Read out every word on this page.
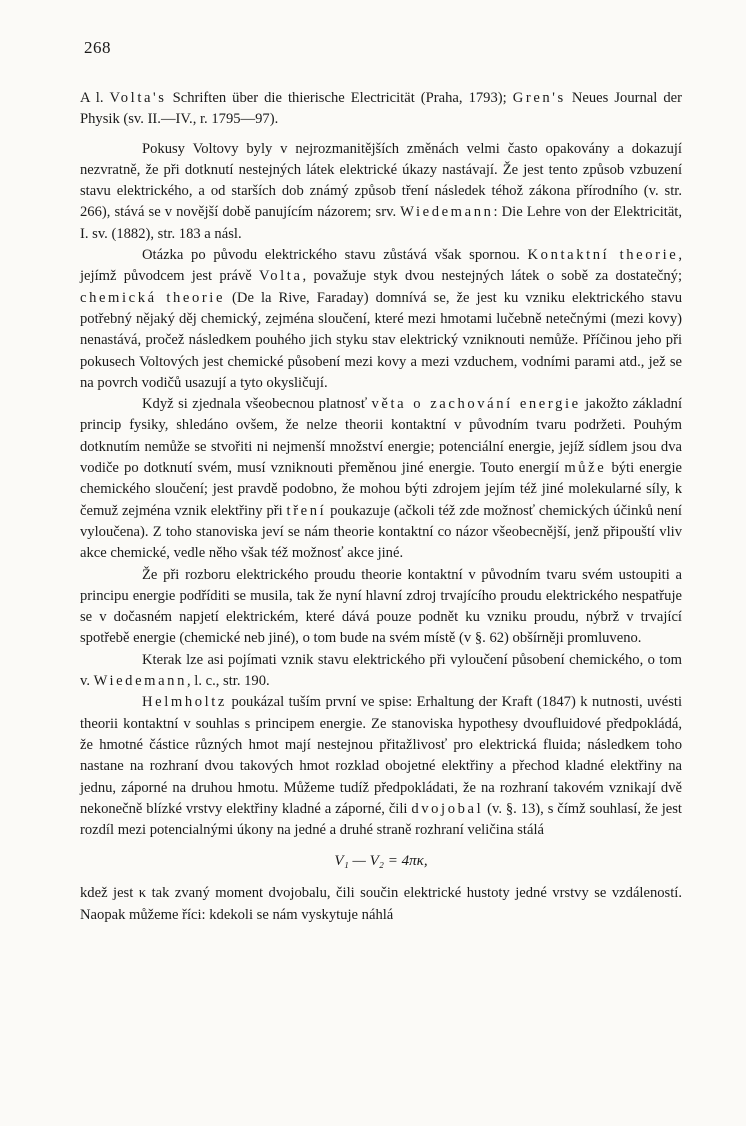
268

A l. Volta's Schriften über die thierische Electricität (Praha, 1793); Gren's Neues Journal der Physik (sv. II.—IV., r. 1795—97).

Pokusy Voltovy byly v nejrozmanitějších změnách velmi často opakovány a dokazují nezvratně, že při dotknutí nestejných látek elektrické úkazy nastávají. Že jest tento způsob vzbuzení stavu elektrického, a od starších dob známý způsob tření následek téhož zákona přírodního (v. str. 266), stává se v novější době panujícím názorem; srv. Wiedemann: Die Lehre von der Elektricität, I. sv. (1882), str. 183 a násl.

Otázka po původu elektrického stavu zůstává však spornou. Kontaktní theorie, jejímž původcem jest právě Volta, považuje styk dvou nestejných látek o sobě za dostatečný; chemická theorie (De la Rive, Faraday) domnívá se, že jest ku vzniku elektrického stavu potřebný nějaký děj chemický, zejména sloučení, které mezi hmotami lučebně netečnými (mezi kovy) nenastává, pročež následkem pouhého jich styku stav elektrický vzniknouti nemůže. Příčinou jeho při pokusech Voltových jest chemické působení mezi kovy a mezi vzduchem, vodními parami atd., jež se na povrch vodičů usazují a tyto okysličují.

Když si zjednala všeobecnou platnosť věta o zachování energie jakožto základní princip fysiky, shledáno ovšem, že nelze theorii kontaktní v původním tvaru podržeti. Pouhým dotknutím nemůže se stvořiti ni nejmenší množství energie; potenciální energie, jejíž sídlem jsou dva vodiče po dotknutí svém, musí vzniknouti přeměnou jiné energie. Touto energií může býti energie chemického sloučení; jest pravdě podobno, že mohou býti zdrojem jejím též jiné molekularné síly, k čemuž zejména vznik elektřiny při tření poukazuje (ačkoli též zde možnosť chemických účinků není vyloučena). Z toho stanoviska jeví se nám theorie kontaktní co názor všeobecnější, jenž připouští vliv akce chemické, vedle něho však též možnosť akce jiné.

Že při rozboru elektrického proudu theorie kontaktní v původním tvaru svém ustoupiti a principu energie podříditi se musila, tak že nyní hlavní zdroj trvajícího proudu elektrického nespatřuje se v dočasném napjetí elektrickém, které dává pouze podnět ku vzniku proudu, nýbrž v trvající spotřebě energie (chemické neb jiné), o tom bude na svém místě (v §. 62) obšírněji promluveno.

Kterak lze asi pojímati vznik stavu elektrického při vyloučení působení chemického, o tom v. Wiedemann, l. c., str. 190.

Helmholtz poukázal tuším první ve spise: Erhaltung der Kraft (1847) k nutnosti, uvésti theorii kontaktní v souhlas s principem energie. Ze stanoviska hypothesy dvoufluidové předpokládá, že hmotné částice různých hmot mají nestejnou přitažlivosť pro elektrická fluida; následkem toho nastane na rozhraní dvou takových hmot rozklad obojetné elektřiny a přechod kladné elektřiny na jednu, záporné na druhou hmotu. Můžeme tudíž předpokládati, že na rozhraní takovém vznikají dvě nekonečně blízké vrstvy elektřiny kladné a záporné, čili dvojobal (v. §. 13), s čímž souhlasí, že jest rozdíl mezi potencialnými úkony na jedné a druhé straně rozhraní veličina stálá

V₁ — V₂ = 4πκ,

kdež jest κ tak zvaný moment dvojobalu, čili součin elektrické hustoty jedné vrstvy se vzdáleností. Naopak můžeme říci: kdekoli se nám vyskytuje náhlá
